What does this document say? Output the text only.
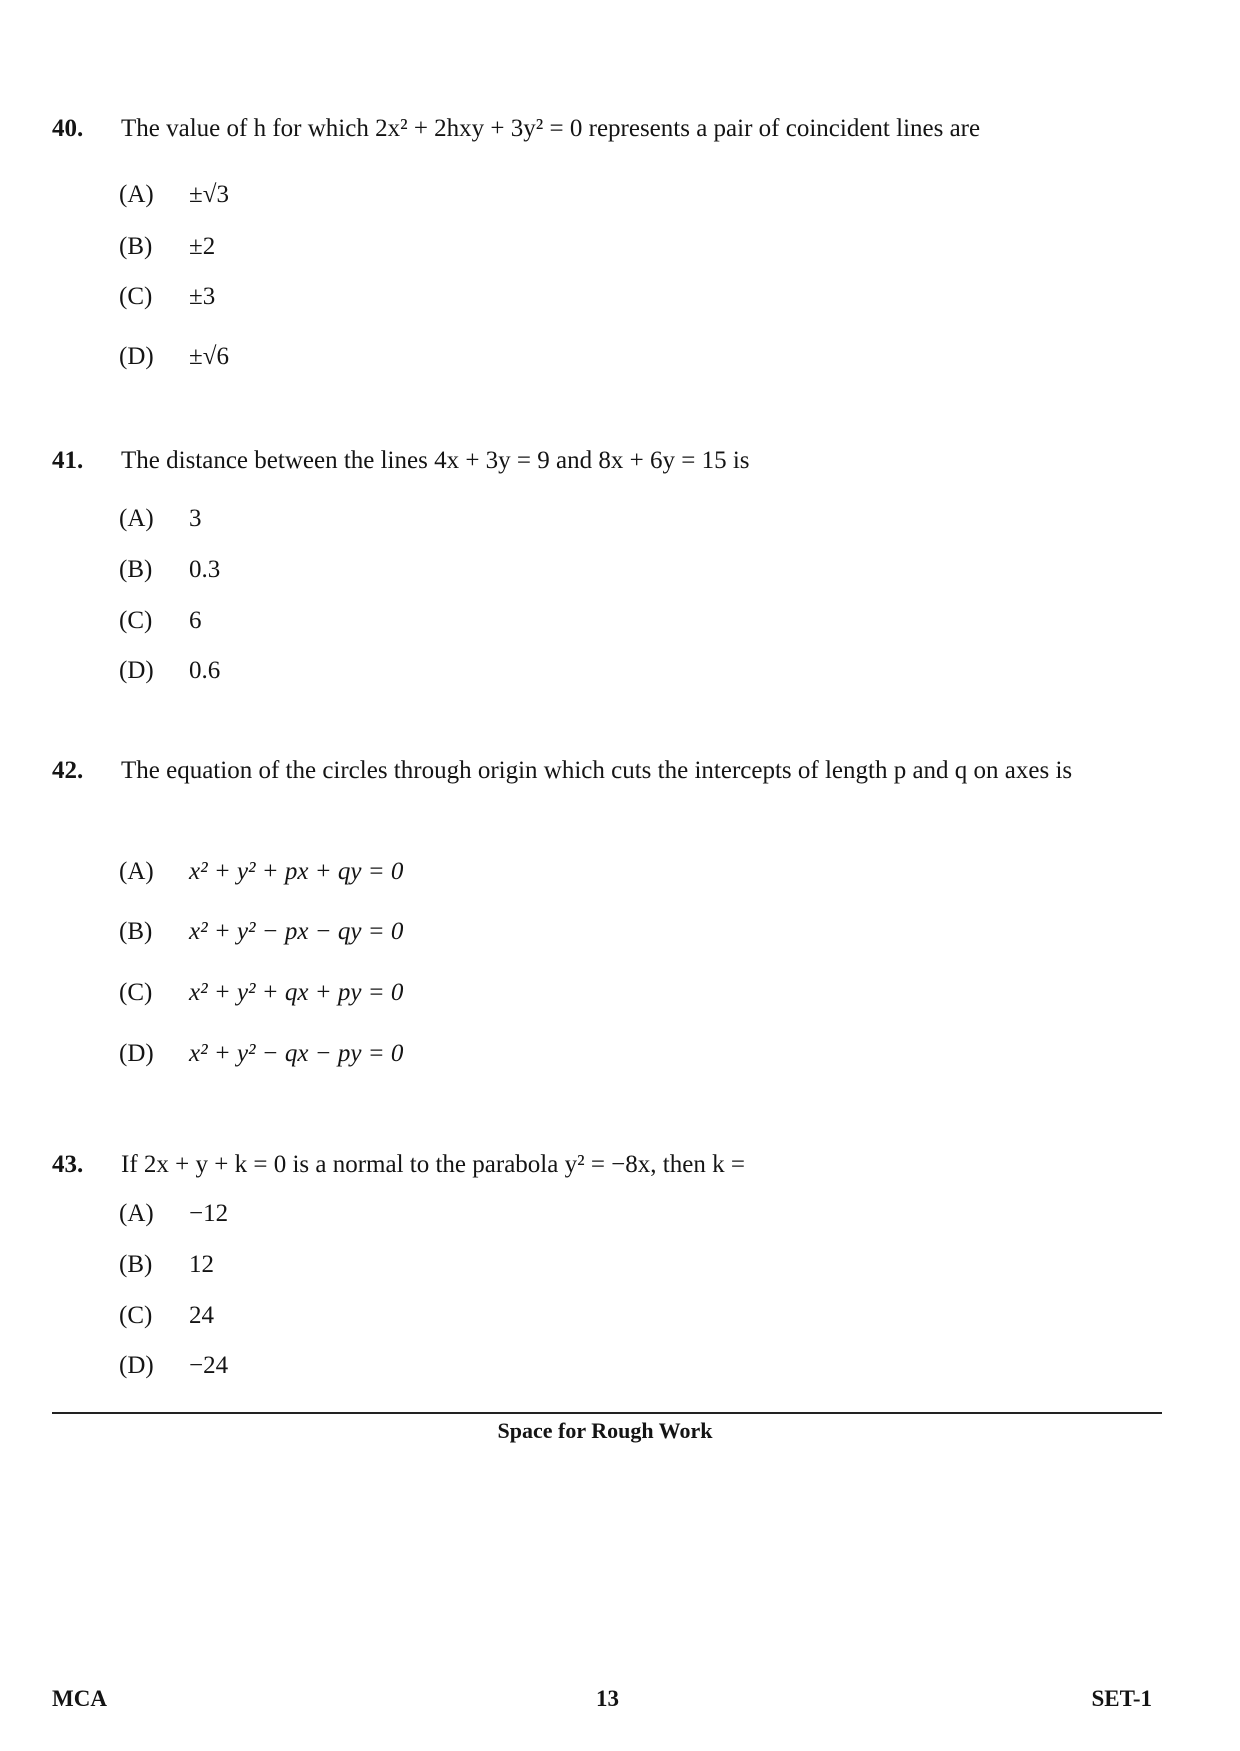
40. The value of h for which 2x² + 2hxy + 3y² = 0 represents a pair of coincident lines are
(A) ±√3
(B) ±2
(C) ±3
(D) ±√6
41. The distance between the lines 4x + 3y = 9 and 8x + 6y = 15 is
(A) 3
(B) 0.3
(C) 6
(D) 0.6
42. The equation of the circles through origin which cuts the intercepts of length p and q on axes is
(A) x² + y² + px + qy = 0
(B) x² + y² − px − qy = 0
(C) x² + y² + qx + py = 0
(D) x² + y² − qx − py = 0
43. If 2x + y + k = 0 is a normal to the parabola y² = −8x, then k =
(A) −12
(B) 12
(C) 24
(D) −24
Space for Rough Work
MCA	13	SET-1
